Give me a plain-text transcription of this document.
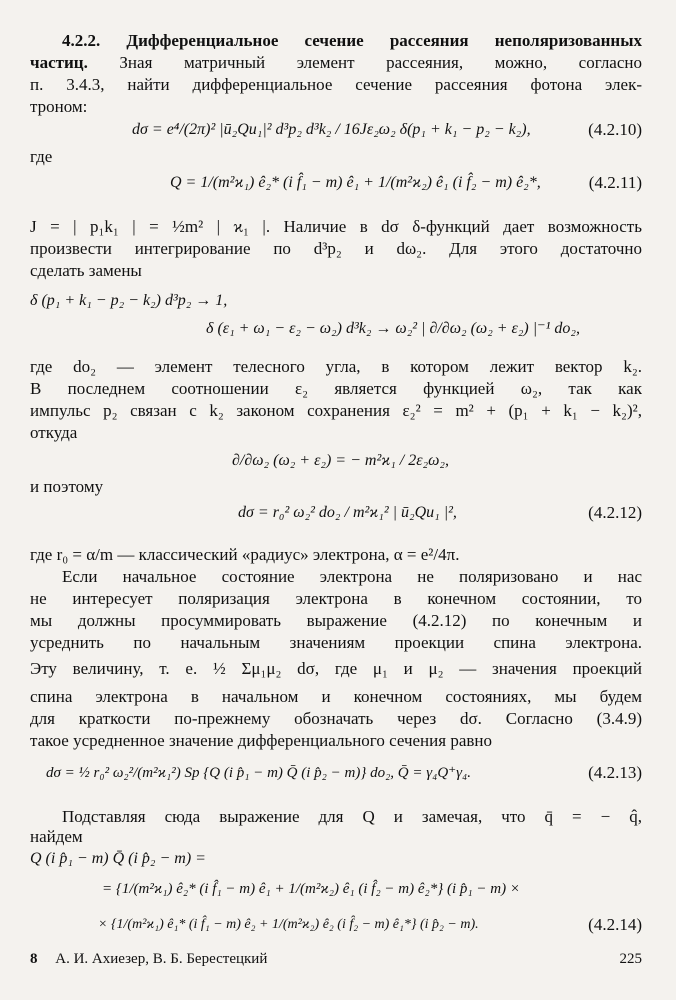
4.2.2. Дифференциальное сечение рассеяния неполяризованных
частиц. Зная матричный элемент рассеяния, можно, согласно
п. 3.4.3, найти дифференциальное сечение рассеяния фотона элек-
троном:
dσ = e⁴/(2π)² |ū₂Qu₁|² d³p₂ d³k₂ / 16Jε₂ω₂ δ(p₁ + k₁ − p₂ − k₂),	(4.2.10)
где
Q = 1/(m²ϰ₁) ê₂* (i f̂₁ − m) ê₁ + 1/(m²ϰ₂) ê₁ (i f̂₂ − m) ê₂*,	(4.2.11)
J = | p₁k₁ | = ½m² | ϰ₁ |. Наличие в dσ δ-функций дает возможность
произвести интегрирование по d³p₂ и dω₂. Для этого достаточно
сделать замены
δ (p₁ + k₁ − p₂ − k₂) d³p₂ → 1,
δ (ε₁ + ω₁ − ε₂ − ω₂) d³k₂ → ω₂² | ∂/∂ω₂ (ω₂ + ε₂) |⁻¹ do₂,
где do₂ — элемент телесного угла, в котором лежит вектор k₂.
В последнем соотношении ε₂ является функцией ω₂, так как
импульс p₂ связан с k₂ законом сохранения ε₂² = m² + (p₁ + k₁ − k₂)²,
откуда
∂/∂ω₂ (ω₂ + ε₂) = − m²ϰ₁ / 2ε₂ω₂,
и поэтому
dσ = r₀² ω₂² do₂ / m²ϰ₁² | ū₂Qu₁ |²,	(4.2.12)
где r₀ = α/m — классический «радиус» электрона, α = e²/4π.
Если начальное состояние электрона не поляризовано и нас
не интересует поляризация электрона в конечном состоянии, то
мы должны просуммировать выражение (4.2.12) по конечным и
усреднить по начальным значениям проекции спина электрона.
Эту величину, т. е. ½ Σμ₁μ₂ dσ, где μ₁ и μ₂ — значения проекций
спина электрона в начальном и конечном состояниях, мы будем
для краткости по-прежнему обозначать через dσ. Согласно (3.4.9)
такое усредненное значение дифференциального сечения равно
dσ = ½ r₀² ω₂²/(m²ϰ₁²) Sp {Q (i p̂₁ − m) Q̄ (i p̂₂ − m)} do₂, Q̄ = γ₄Q⁺γ₄.	(4.2.13)
Подставляя сюда выражение для Q и замечая, что q̄ = − q̂,
найдем
Q (i p̂₁ − m) Q̄ (i p̂₂ − m) =
= {1/(m²ϰ₁) ê₂* (i f̂₁ − m) ê₁ + 1/(m²ϰ₂) ê₁ (i f̂₂ − m) ê₂*} (i p̂₁ − m) ×
× {1/(m²ϰ₁) ê₁* (i f̂₁ − m) ê₂ + 1/(m²ϰ₂) ê₂ (i f̂₂ − m) ê₁*} (i p̂₂ − m).	(4.2.14)
8 А. И. Ахиезер, В. Б. Берестецкий	225
